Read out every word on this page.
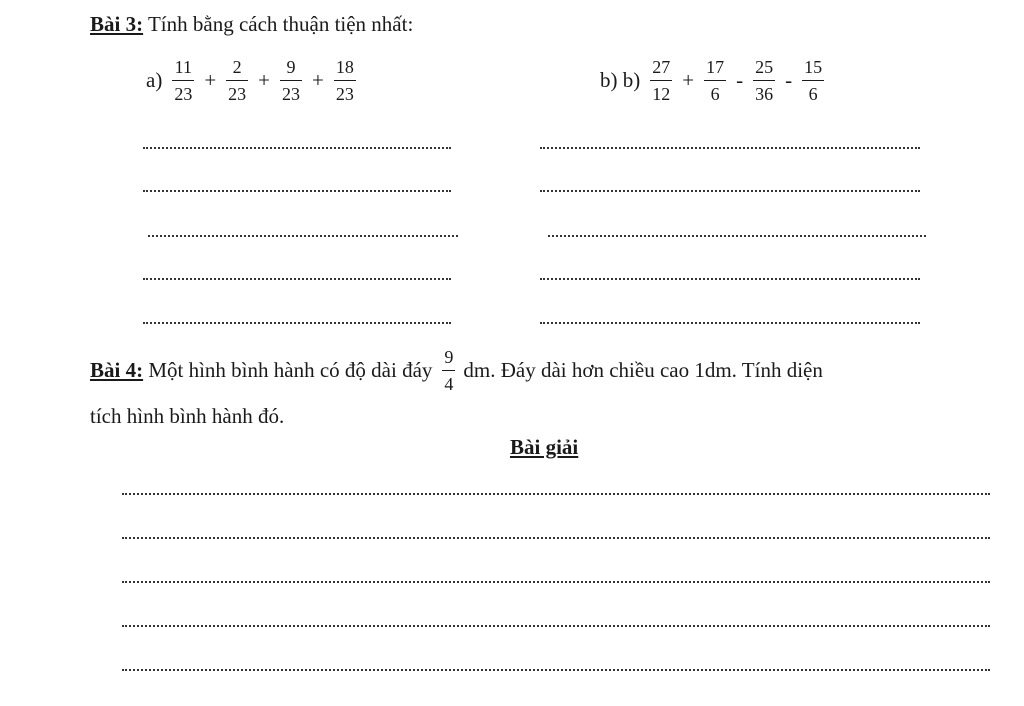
Bài 3: Tính bằng cách thuận tiện nhất:
$a) \frac{11}{23} + \frac{2}{23} + \frac{9}{23} + \frac{18}{23}$	b) $b) \frac{27}{12} + \frac{17}{6} - \frac{25}{36} - \frac{15}{6}$
Bài 4: Một hình bình hành có độ dài đáy $\frac{9}{4}$ dm. Đáy dài hơn chiều cao 1dm. Tính diện
tích hình bình hành đó.
Bài giải
